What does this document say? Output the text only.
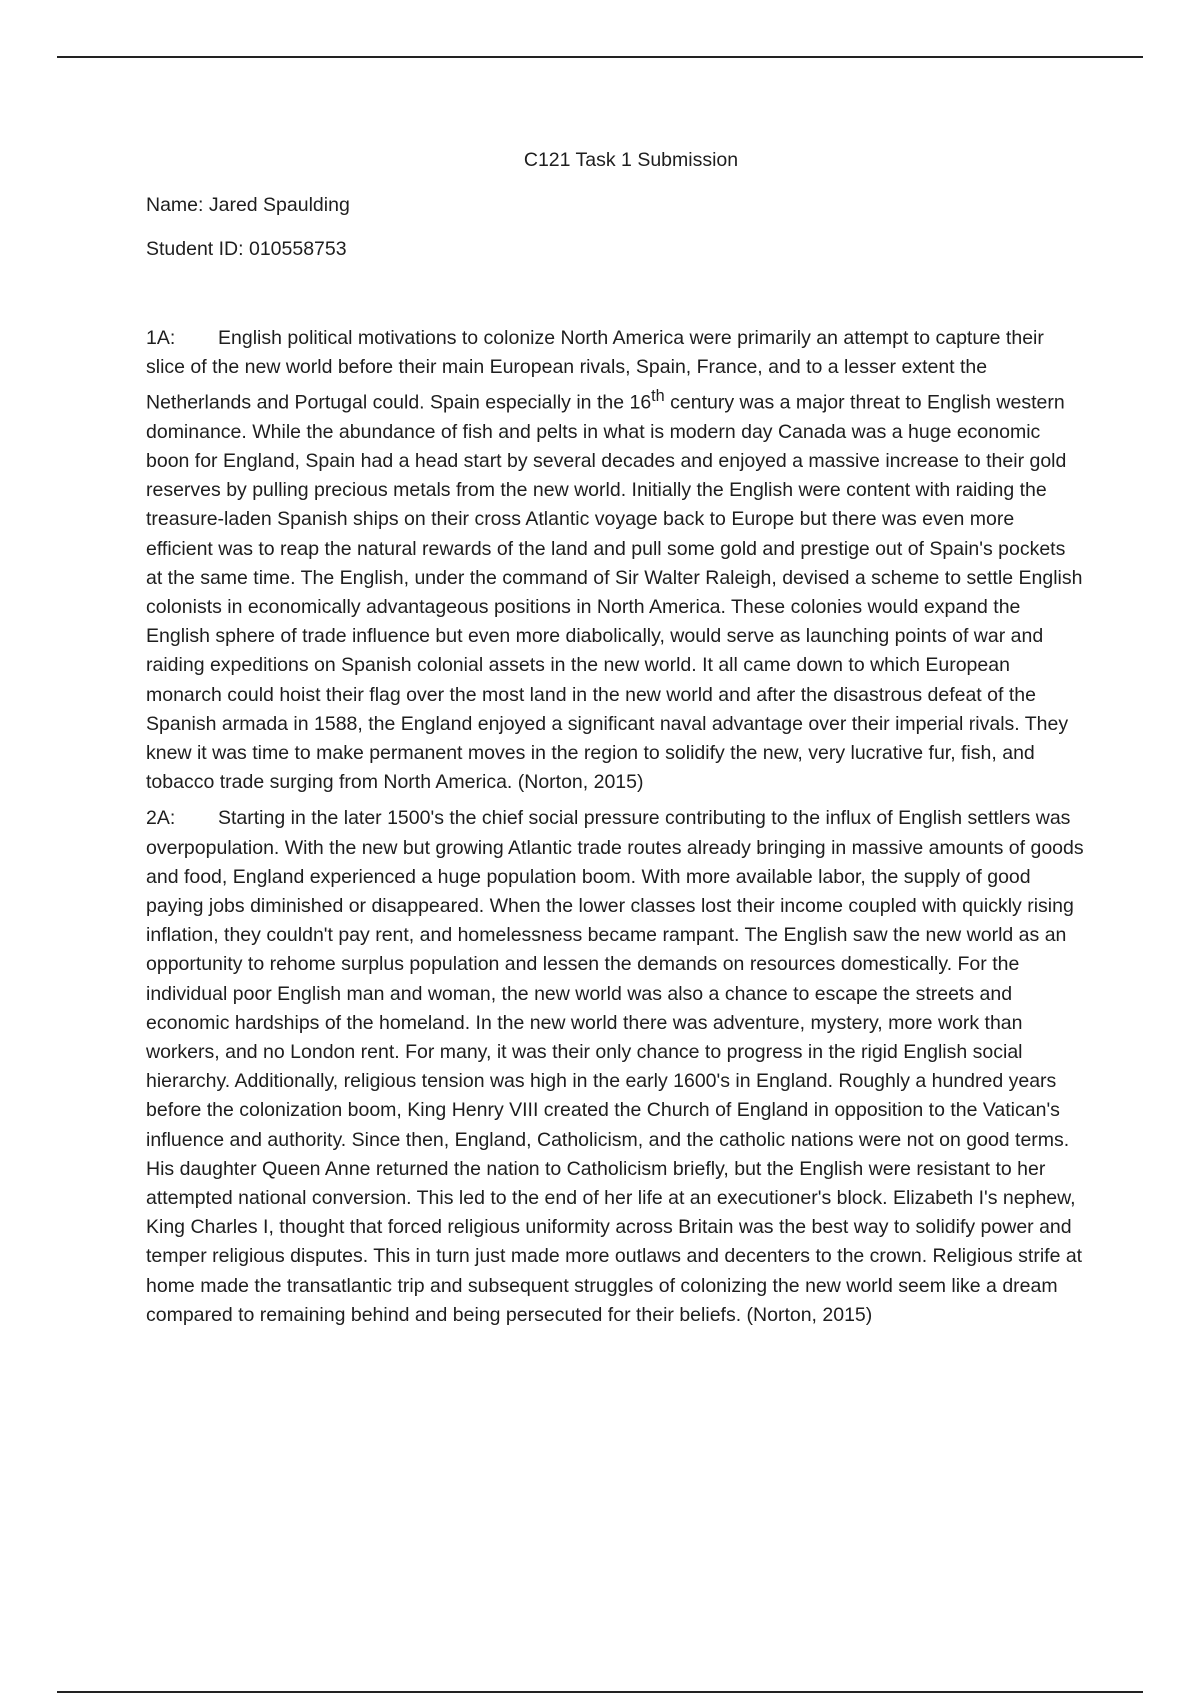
C121 Task 1 Submission
Name: Jared Spaulding
Student ID: 010558753

1A: English political motivations to colonize North America were primarily an attempt to capture their slice of the new world before their main European rivals, Spain, France, and to a lesser extent the Netherlands and Portugal could. Spain especially in the 16th century was a major threat to English western dominance. While the abundance of fish and pelts in what is modern day Canada was a huge economic boon for England, Spain had a head start by several decades and enjoyed a massive increase to their gold reserves by pulling precious metals from the new world. Initially the English were content with raiding the treasure-laden Spanish ships on their cross Atlantic voyage back to Europe but there was even more efficient was to reap the natural rewards of the land and pull some gold and prestige out of Spain's pockets at the same time. The English, under the command of Sir Walter Raleigh, devised a scheme to settle English colonists in economically advantageous positions in North America. These colonies would expand the English sphere of trade influence but even more diabolically, would serve as launching points of war and raiding expeditions on Spanish colonial assets in the new world. It all came down to which European monarch could hoist their flag over the most land in the new world and after the disastrous defeat of the Spanish armada in 1588, the England enjoyed a significant naval advantage over their imperial rivals. They knew it was time to make permanent moves in the region to solidify the new, very lucrative fur, fish, and tobacco trade surging from North America. (Norton, 2015)

2A: Starting in the later 1500's the chief social pressure contributing to the influx of English settlers was overpopulation. With the new but growing Atlantic trade routes already bringing in massive amounts of goods and food, England experienced a huge population boom. With more available labor, the supply of good paying jobs diminished or disappeared. When the lower classes lost their income coupled with quickly rising inflation, they couldn't pay rent, and homelessness became rampant. The English saw the new world as an opportunity to rehome surplus population and lessen the demands on resources domestically. For the individual poor English man and woman, the new world was also a chance to escape the streets and economic hardships of the homeland. In the new world there was adventure, mystery, more work than workers, and no London rent. For many, it was their only chance to progress in the rigid English social hierarchy. Additionally, religious tension was high in the early 1600's in England. Roughly a hundred years before the colonization boom, King Henry VIII created the Church of England in opposition to the Vatican's influence and authority. Since then, England, Catholicism, and the catholic nations were not on good terms. His daughter Queen Anne returned the nation to Catholicism briefly, but the English were resistant to her attempted national conversion. This led to the end of her life at an executioner's block. Elizabeth I's nephew, King Charles I, thought that forced religious uniformity across Britain was the best way to solidify power and temper religious disputes. This in turn just made more outlaws and decenters to the crown. Religious strife at home made the transatlantic trip and subsequent struggles of colonizing the new world seem like a dream compared to remaining behind and being persecuted for their beliefs. (Norton, 2015)
